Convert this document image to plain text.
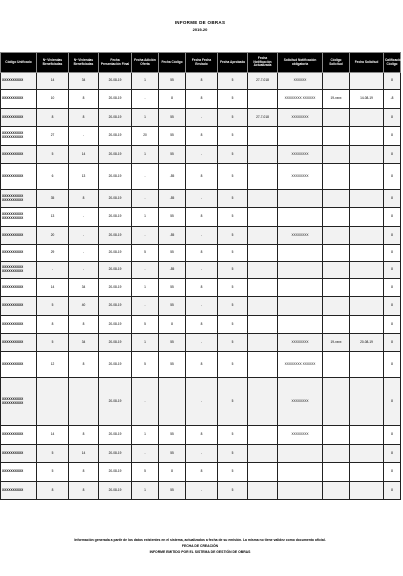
INFORME DE OBRAS
2019-20
Código Unificado	Nº Viviendas Beneficiadas	Nº Viviendas Beneficiadas	Fecha Presentación Final	Fecha Adición Oferta	Fecha Código	Fecha Fecha Enviado	Fecha Aprobada	Fecha Notificación Actualizada	Solicitud Notificación obligatoria	Código Solicitud	Fecha Solicitud	Calificación Código
XXXXXXXXXX	14	34	20-08-19	1	55	8	5	27-7-018	XXXXXX			8
XXXXXXXXXX	10	8	20-08-19	-	8	8	5		XXXXXXXX XXXXXX	19-xxxx	14-08-19	-8
XXXXXXXXXX	8	8	20-08-19	1	55	-	5	27-7-018	XXXXXXXX			8
XXXXXXXXXX XXXXXXXXXX	27	-	20-08-19	20	55	8	5					8
XXXXXXXXXX	5	14	20-08-19	1	55	-	5		XXXXXXXX			8
XXXXXXXXXX	6	13	20-08-19	-	-55	8	5		XXXXXXXX			8
XXXXXXXXXX XXXXXXXXXX	35	8	20-08-19	-	-55	-	5					8
XXXXXXXXXX XXXXXXXXXX	13	-	20-08-19	1	55	8	5					8
XXXXXXXXXX	20	-	20-08-19	-	-55	-	5		XXXXXXXX			8
XXXXXXXXXX	29	-	20-08-19	5	55	8	5					8
XXXXXXXXXX XXXXXXXXXX	-	-	20-08-19	-	-55	-	5					8
XXXXXXXXXX	14	34	20-08-19	1	55	8	5					8
XXXXXXXXXX	5	40	20-08-19	-	55	-	5					8
XXXXXXXXXX	8	8	20-08-19	5	8	8	5					8
XXXXXXXXXX	5	34	20-08-19	1	55	-	5		XXXXXXXX	19-xxxx	20-08-19	8
XXXXXXXXXX	12	8	20-08-19	5	55	8	5		XXXXXXXX XXXXXX			8
XXXXXXXXXX XXXXXXXXXX			20-08-19	-		-	5		XXXXXXXX			8
XXXXXXXXXX	14	8	20-08-19	1	55	8	5		XXXXXXXX			8
XXXXXXXXXX	5	14	20-08-19	-	55	-	5					8
XXXXXXXXXX	5	8	20-08-19	5	8	8	5					8
XXXXXXXXXX	8	8	20-08-19	1	55	-	5					8
Información generada a partir de los datos existentes en el sistema, actualizados a fecha de su emisión. La misma no tiene validez como documento oficial.
FECHA DE CREACIÓN
INFORME EMITIDO POR EL SISTEMA DE GESTIÓN DE OBRAS
